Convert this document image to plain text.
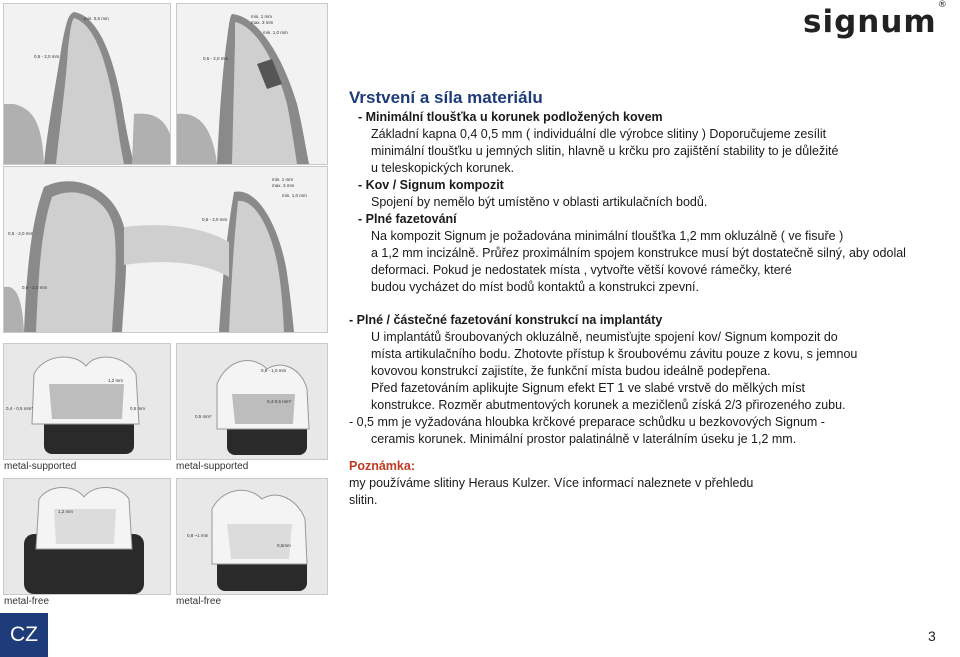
signum®
min. 0,5 mm
0,5 - 2,0 mm
min. 1 mm
max. 3 mm
min. 1,0 mm
0,5 - 2,0 mm
min. 1 mm
max. 3 mm
min. 1,0 mm
0,5 - 2,0 mm
0,5 - 2,0 mm
0,5 - 2,0 mm
1,2 mm
0,4 - 0,5 mm*	0,5 mm
0,8 - 1,0 mm
0,4-0,5 mm*
0,5 mm*
1,2 mm
0,8 ~1 mm
0,5mm
metal-supported	metal-supported
metal-free	metal-free
Vrstvení a síla materiálu
- Minimální tloušťka u korunek podložených kovem
Základní kapna 0,4 0,5 mm ( individuální dle výrobce slitiny ) Doporučujeme zesílit
minimální tloušťku u jemných slitin, hlavně u krčku pro zajištění stability to je důležité
u teleskopických korunek.
- Kov / Signum kompozit
Spojení by nemělo být umístěno v oblasti artikulačních bodů.
- Plné fazetování
Na kompozit Signum je požadována minimální tloušťka 1,2 mm okluzálně ( ve fisuře )
a 1,2 mm incizálně. Průřez proximálním spojem konstrukce musí být dostatečně silný, aby odolal
deformaci. Pokud je nedostatek místa , vytvořte větší kovové rámečky, které
budou vycházet do míst bodů kontaktů a konstrukci zpevní.
- Plné / částečné fazetování konstrukcí na implantáty
U implantátů šroubovaných okluzálně, neumisťujte spojení kov/ Signum kompozit do
místa artikulačního bodu. Zhotovte přístup k šroubovému závitu pouze z kovu, s jemnou
kovovou konstrukcí zajistíte, že funkční místa budou ideálně podepřena.
Před fazetováním aplikujte Signum efekt ET 1 ve slabé vrstvě do mělkých míst
konstrukce. Rozměr abutmentových korunek a mezičlenů získá 2/3 přirozeného zubu.
- 0,5 mm je vyžadována hloubka krčkové preparace schůdku u bezkovových Signum -
ceramis korunek. Minimální prostor palatinálně v laterálním úseku je 1,2 mm.
Poznámka:
my používáme slitiny Heraus Kulzer. Více informací naleznete v přehledu
slitin.
CZ	3
